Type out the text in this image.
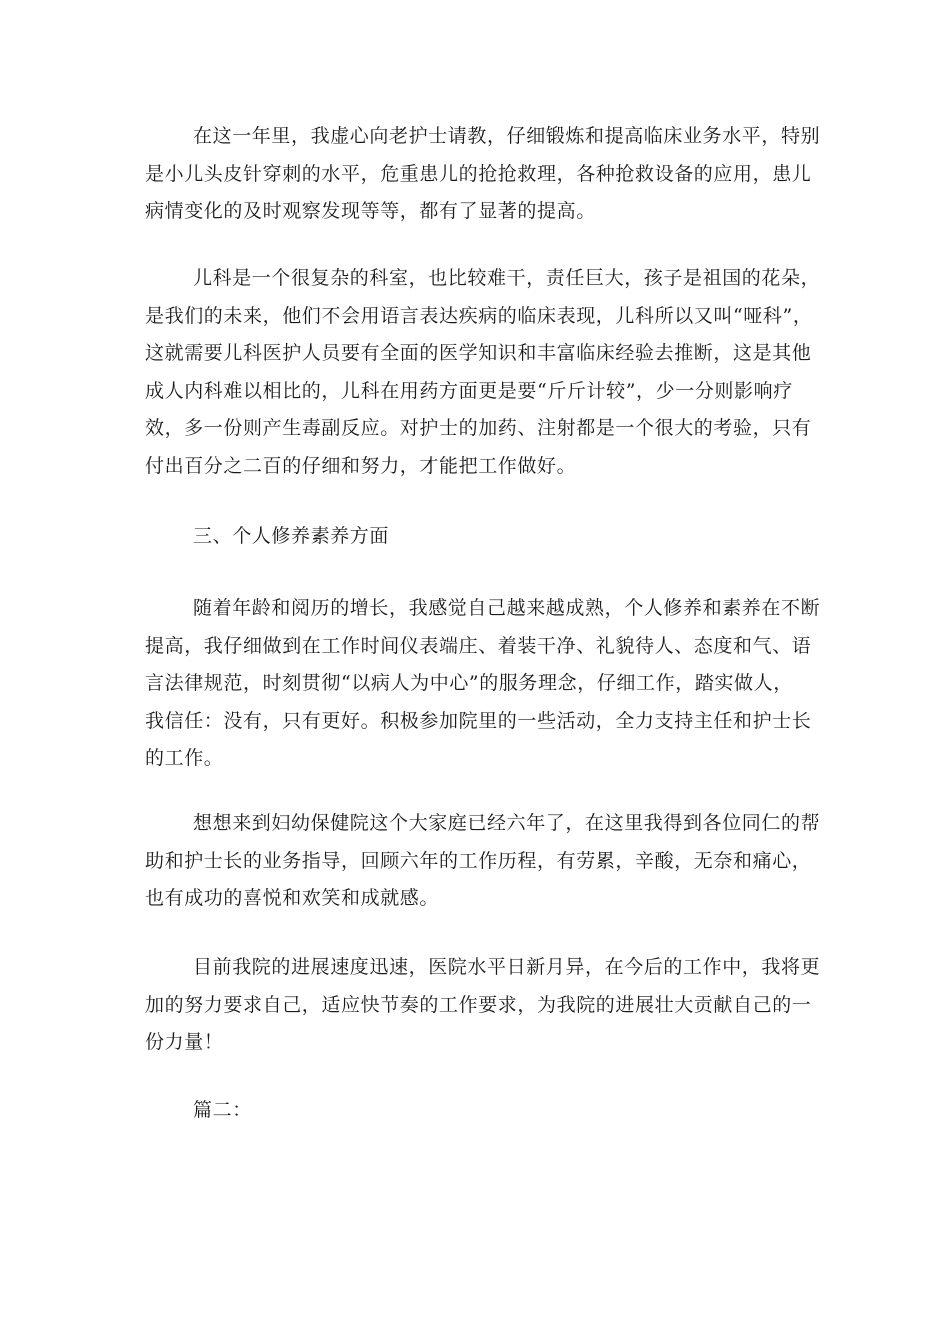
在这一年里，我虚心向老护士请教，仔细锻炼和提高临床业务水平，特别
是小儿头皮针穿刺的水平，危重患儿的抢抢救理，各种抢救设备的应用，患儿
病情变化的及时观察发现等等，都有了显著的提高。

儿科是一个很复杂的科室，也比较难干，责任巨大，孩子是祖国的花朵，
是我们的未来，他们不会用语言表达疾病的临床表现，儿科所以又叫“哑科”，
这就需要儿科医护人员要有全面的医学知识和丰富临床经验去推断，这是其他
成人内科难以相比的，儿科在用药方面更是要“斤斤计较”，少一分则影响疗
效，多一份则产生毒副反应。对护士的加药、注射都是一个很大的考验，只有
付出百分之二百的仔细和努力，才能把工作做好。

三、个人修养素养方面

随着年龄和阅历的增长，我感觉自己越来越成熟，个人修养和素养在不断
提高，我仔细做到在工作时间仪表端庄、着装干净、礼貌待人、态度和气、语
言法律规范，时刻贯彻“以病人为中心”的服务理念，仔细工作，踏实做人，
我信任：没有，只有更好。积极参加院里的一些活动，全力支持主任和护士长
的工作。

想想来到妇幼保健院这个大家庭已经六年了，在这里我得到各位同仁的帮
助和护士长的业务指导，回顾六年的工作历程，有劳累，辛酸，无奈和痛心，
也有成功的喜悦和欢笑和成就感。

目前我院的进展速度迅速，医院水平日新月异，在今后的工作中，我将更
加的努力要求自己，适应快节奏的工作要求，为我院的进展壮大贡献自己的一
份力量！

篇二：
